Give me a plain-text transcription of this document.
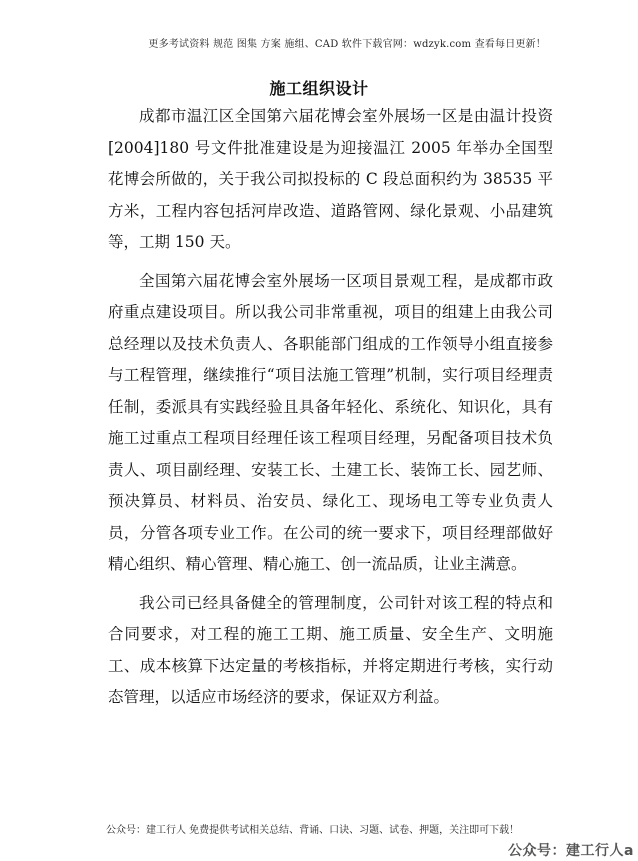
更多考试资料 规范 图集 方案 施组、CAD 软件下载官网：wdzyk.com 查看每日更新！
施工组织设计

成都市温江区全国第六届花博会室外展场一区是由温计投资[2004]180 号文件批准建设是为迎接温江 2005 年举办全国型花博会所做的，关于我公司拟投标的 C 段总面积约为 38535 平方米，工程内容包括河岸改造、道路管网、绿化景观、小品建筑等，工期 150 天。

全国第六届花博会室外展场一区项目景观工程，是成都市政府重点建设项目。所以我公司非常重视，项目的组建上由我公司总经理以及技术负责人、各职能部门组成的工作领导小组直接参与工程管理，继续推行“项目法施工管理”机制，实行项目经理责任制，委派具有实践经验且具备年轻化、系统化、知识化，具有施工过重点工程项目经理任该工程项目经理，另配备项目技术负责人、项目副经理、安装工长、土建工长、装饰工长、园艺师、预决算员、材料员、治安员、绿化工、现场电工等专业负责人员，分管各项专业工作。在公司的统一要求下，项目经理部做好精心组织、精心管理、精心施工、创一流品质，让业主满意。

我公司已经具备健全的管理制度，公司针对该工程的特点和合同要求，对工程的施工工期、施工质量、安全生产、文明施工、成本核算下达定量的考核指标，并将定期进行考核，实行动态管理，以适应市场经济的要求，保证双方利益。

公众号：建工行人 免费提供考试相关总结、背诵、口诀、习题、试卷、押题，关注即可下载！
公众号：建工行人a
